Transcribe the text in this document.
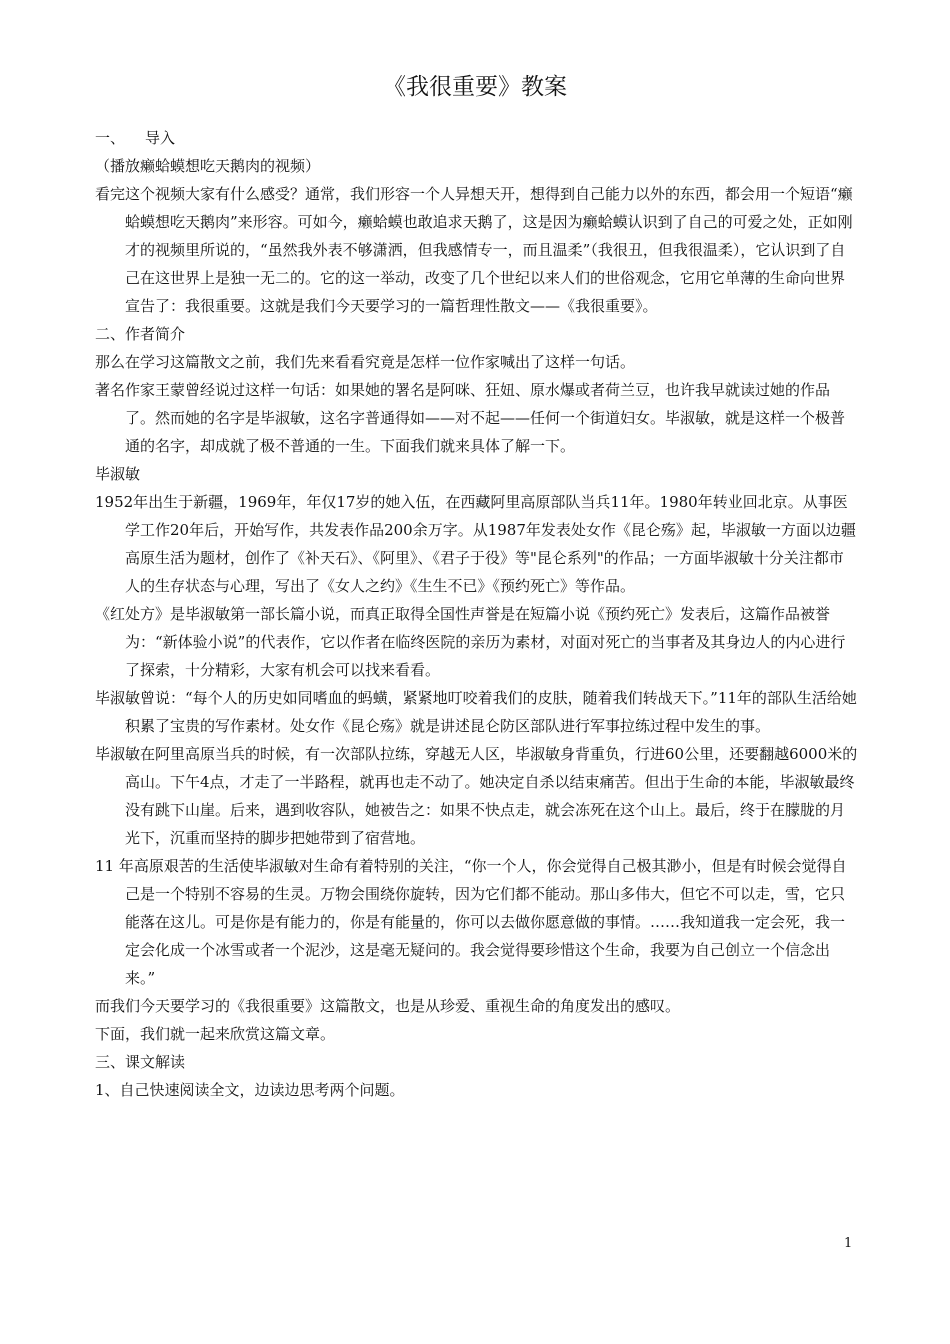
《我很重要》教案

一、 导入

（播放癞蛤蟆想吃天鹅肉的视频）

看完这个视频大家有什么感受？通常，我们形容一个人异想天开，想得到自己能力以外的东西，都会用一个短语“癞蛤蟆想吃天鹅肉”来形容。可如今，癞蛤蟆也敢追求天鹅了，这是因为癞蛤蟆认识到了自己的可爱之处，正如刚才的视频里所说的，“虽然我外表不够潇洒，但我感情专一，而且温柔”（我很丑，但我很温柔），它认识到了自己在这世界上是独一无二的。它的这一举动，改变了几个世纪以来人们的世俗观念，它用它单薄的生命向世界宣告了：我很重要。这就是我们今天要学习的一篇哲理性散文——《我很重要》。

二、作者简介

那么在学习这篇散文之前，我们先来看看究竟是怎样一位作家喊出了这样一句话。

著名作家王蒙曾经说过这样一句话：如果她的署名是阿咪、狂妞、原水爆或者荷兰豆，也许我早就读过她的作品了。然而她的名字是毕淑敏，这名字普通得如——对不起——任何一个街道妇女。毕淑敏，就是这样一个极普通的名字，却成就了极不普通的一生。下面我们就来具体了解一下。

毕淑敏

1952年出生于新疆，1969年，年仅17岁的她入伍，在西藏阿里高原部队当兵11年。1980年转业回北京。从事医学工作20年后，开始写作，共发表作品200余万字。从1987年发表处女作《昆仑殇》起，毕淑敏一方面以边疆高原生活为题材，创作了《补天石》、《阿里》、《君子于役》等"昆仑系列"的作品；一方面毕淑敏十分关注都市人的生存状态与心理，写出了《女人之约》《生生不已》《预约死亡》等作品。

《红处方》是毕淑敏第一部长篇小说，而真正取得全国性声誉是在短篇小说《预约死亡》发表后，这篇作品被誉为：“新体验小说”的代表作，它以作者在临终医院的亲历为素材，对面对死亡的当事者及其身边人的内心进行了探索，十分精彩，大家有机会可以找来看看。

毕淑敏曾说：“每个人的历史如同嗜血的蚂蟥，紧紧地叮咬着我们的皮肤，随着我们转战天下。”11年的部队生活给她积累了宝贵的写作素材。处女作《昆仑殇》就是讲述昆仑防区部队进行军事拉练过程中发生的事。

毕淑敏在阿里高原当兵的时候，有一次部队拉练，穿越无人区，毕淑敏身背重负，行进60公里，还要翻越6000米的高山。下午4点，才走了一半路程，就再也走不动了。她决定自杀以结束痛苦。但出于生命的本能，毕淑敏最终没有跳下山崖。后来，遇到收容队，她被告之：如果不快点走，就会冻死在这个山上。最后，终于在朦胧的月光下，沉重而坚持的脚步把她带到了宿营地。

11 年高原艰苦的生活使毕淑敏对生命有着特别的关注，“你一个人，你会觉得自己极其渺小，但是有时候会觉得自己是一个特别不容易的生灵。万物会围绕你旋转，因为它们都不能动。那山多伟大，但它不可以走，雪，它只能落在这儿。可是你是有能力的，你是有能量的，你可以去做你愿意做的事情。……我知道我一定会死，我一定会化成一个冰雪或者一个泥沙，这是毫无疑问的。我会觉得要珍惜这个生命，我要为自己创立一个信念出来。”

而我们今天要学习的《我很重要》这篇散文，也是从珍爱、重视生命的角度发出的感叹。

下面，我们就一起来欣赏这篇文章。

三、课文解读

1、自己快速阅读全文，边读边思考两个问题。

1
